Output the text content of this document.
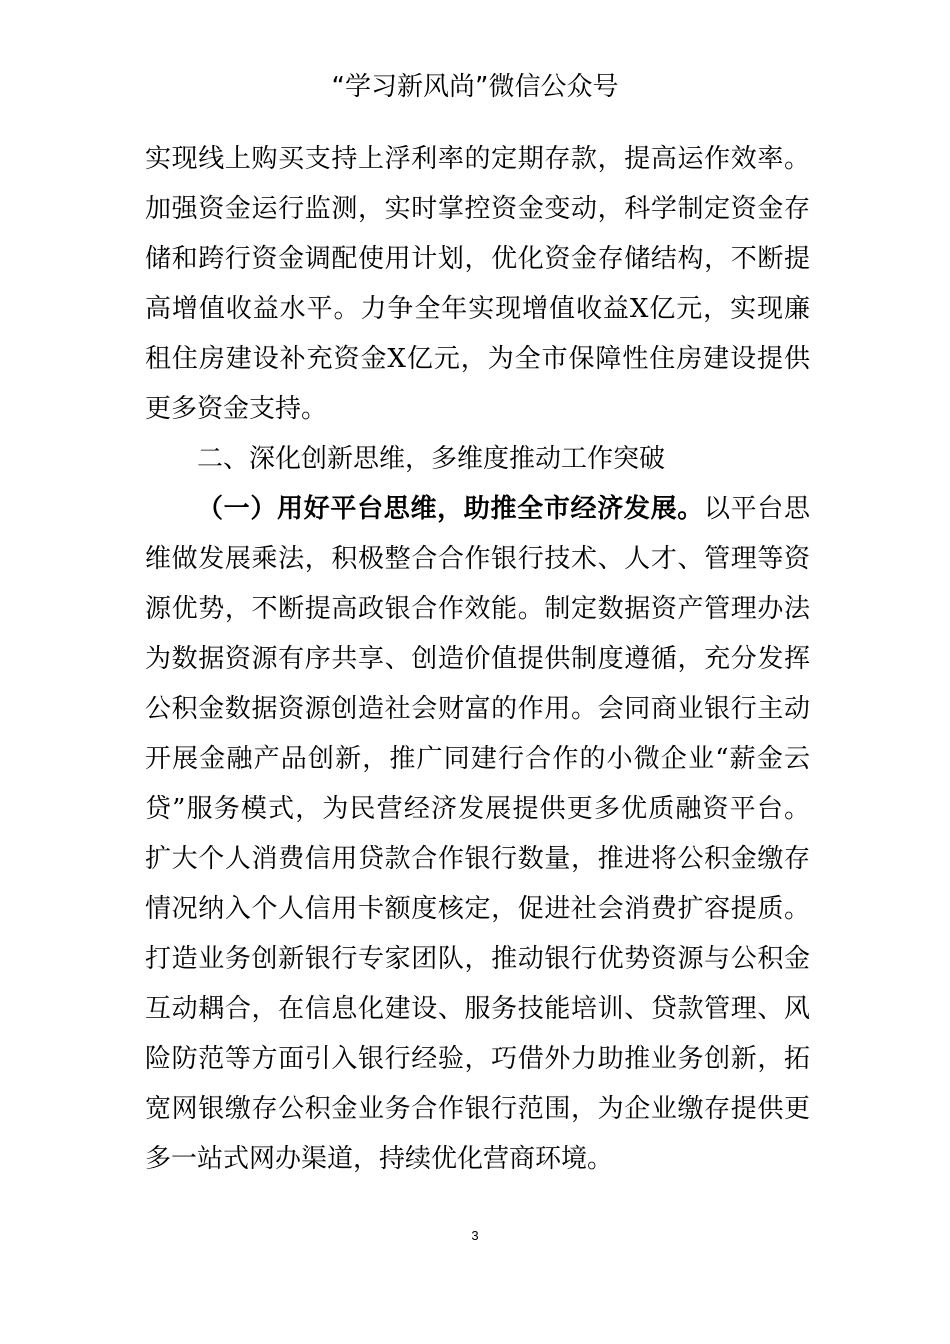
“学习新风尚”微信公众号
实现线上购买支持上浮利率的定期存款，提高运作效率。
加强资金运行监测，实时掌控资金变动，科学制定资金存
储和跨行资金调配使用计划，优化资金存储结构，不断提
高增值收益水平。力争全年实现增值收益X亿元，实现廉
租住房建设补充资金X亿元，为全市保障性住房建设提供
更多资金支持。
二、深化创新思维，多维度推动工作突破
（一）用好平台思维，助推全市经济发展。以平台思
维做发展乘法，积极整合合作银行技术、人才、管理等资
源优势，不断提高政银合作效能。制定数据资产管理办法
为数据资源有序共享、创造价值提供制度遵循，充分发挥
公积金数据资源创造社会财富的作用。会同商业银行主动
开展金融产品创新，推广同建行合作的小微企业“薪金云
贷”服务模式，为民营经济发展提供更多优质融资平台。
扩大个人消费信用贷款合作银行数量，推进将公积金缴存
情况纳入个人信用卡额度核定，促进社会消费扩容提质。
打造业务创新银行专家团队，推动银行优势资源与公积金
互动耦合，在信息化建设、服务技能培训、贷款管理、风
险防范等方面引入银行经验，巧借外力助推业务创新，拓
宽网银缴存公积金业务合作银行范围，为企业缴存提供更
多一站式网办渠道，持续优化营商环境。
3
